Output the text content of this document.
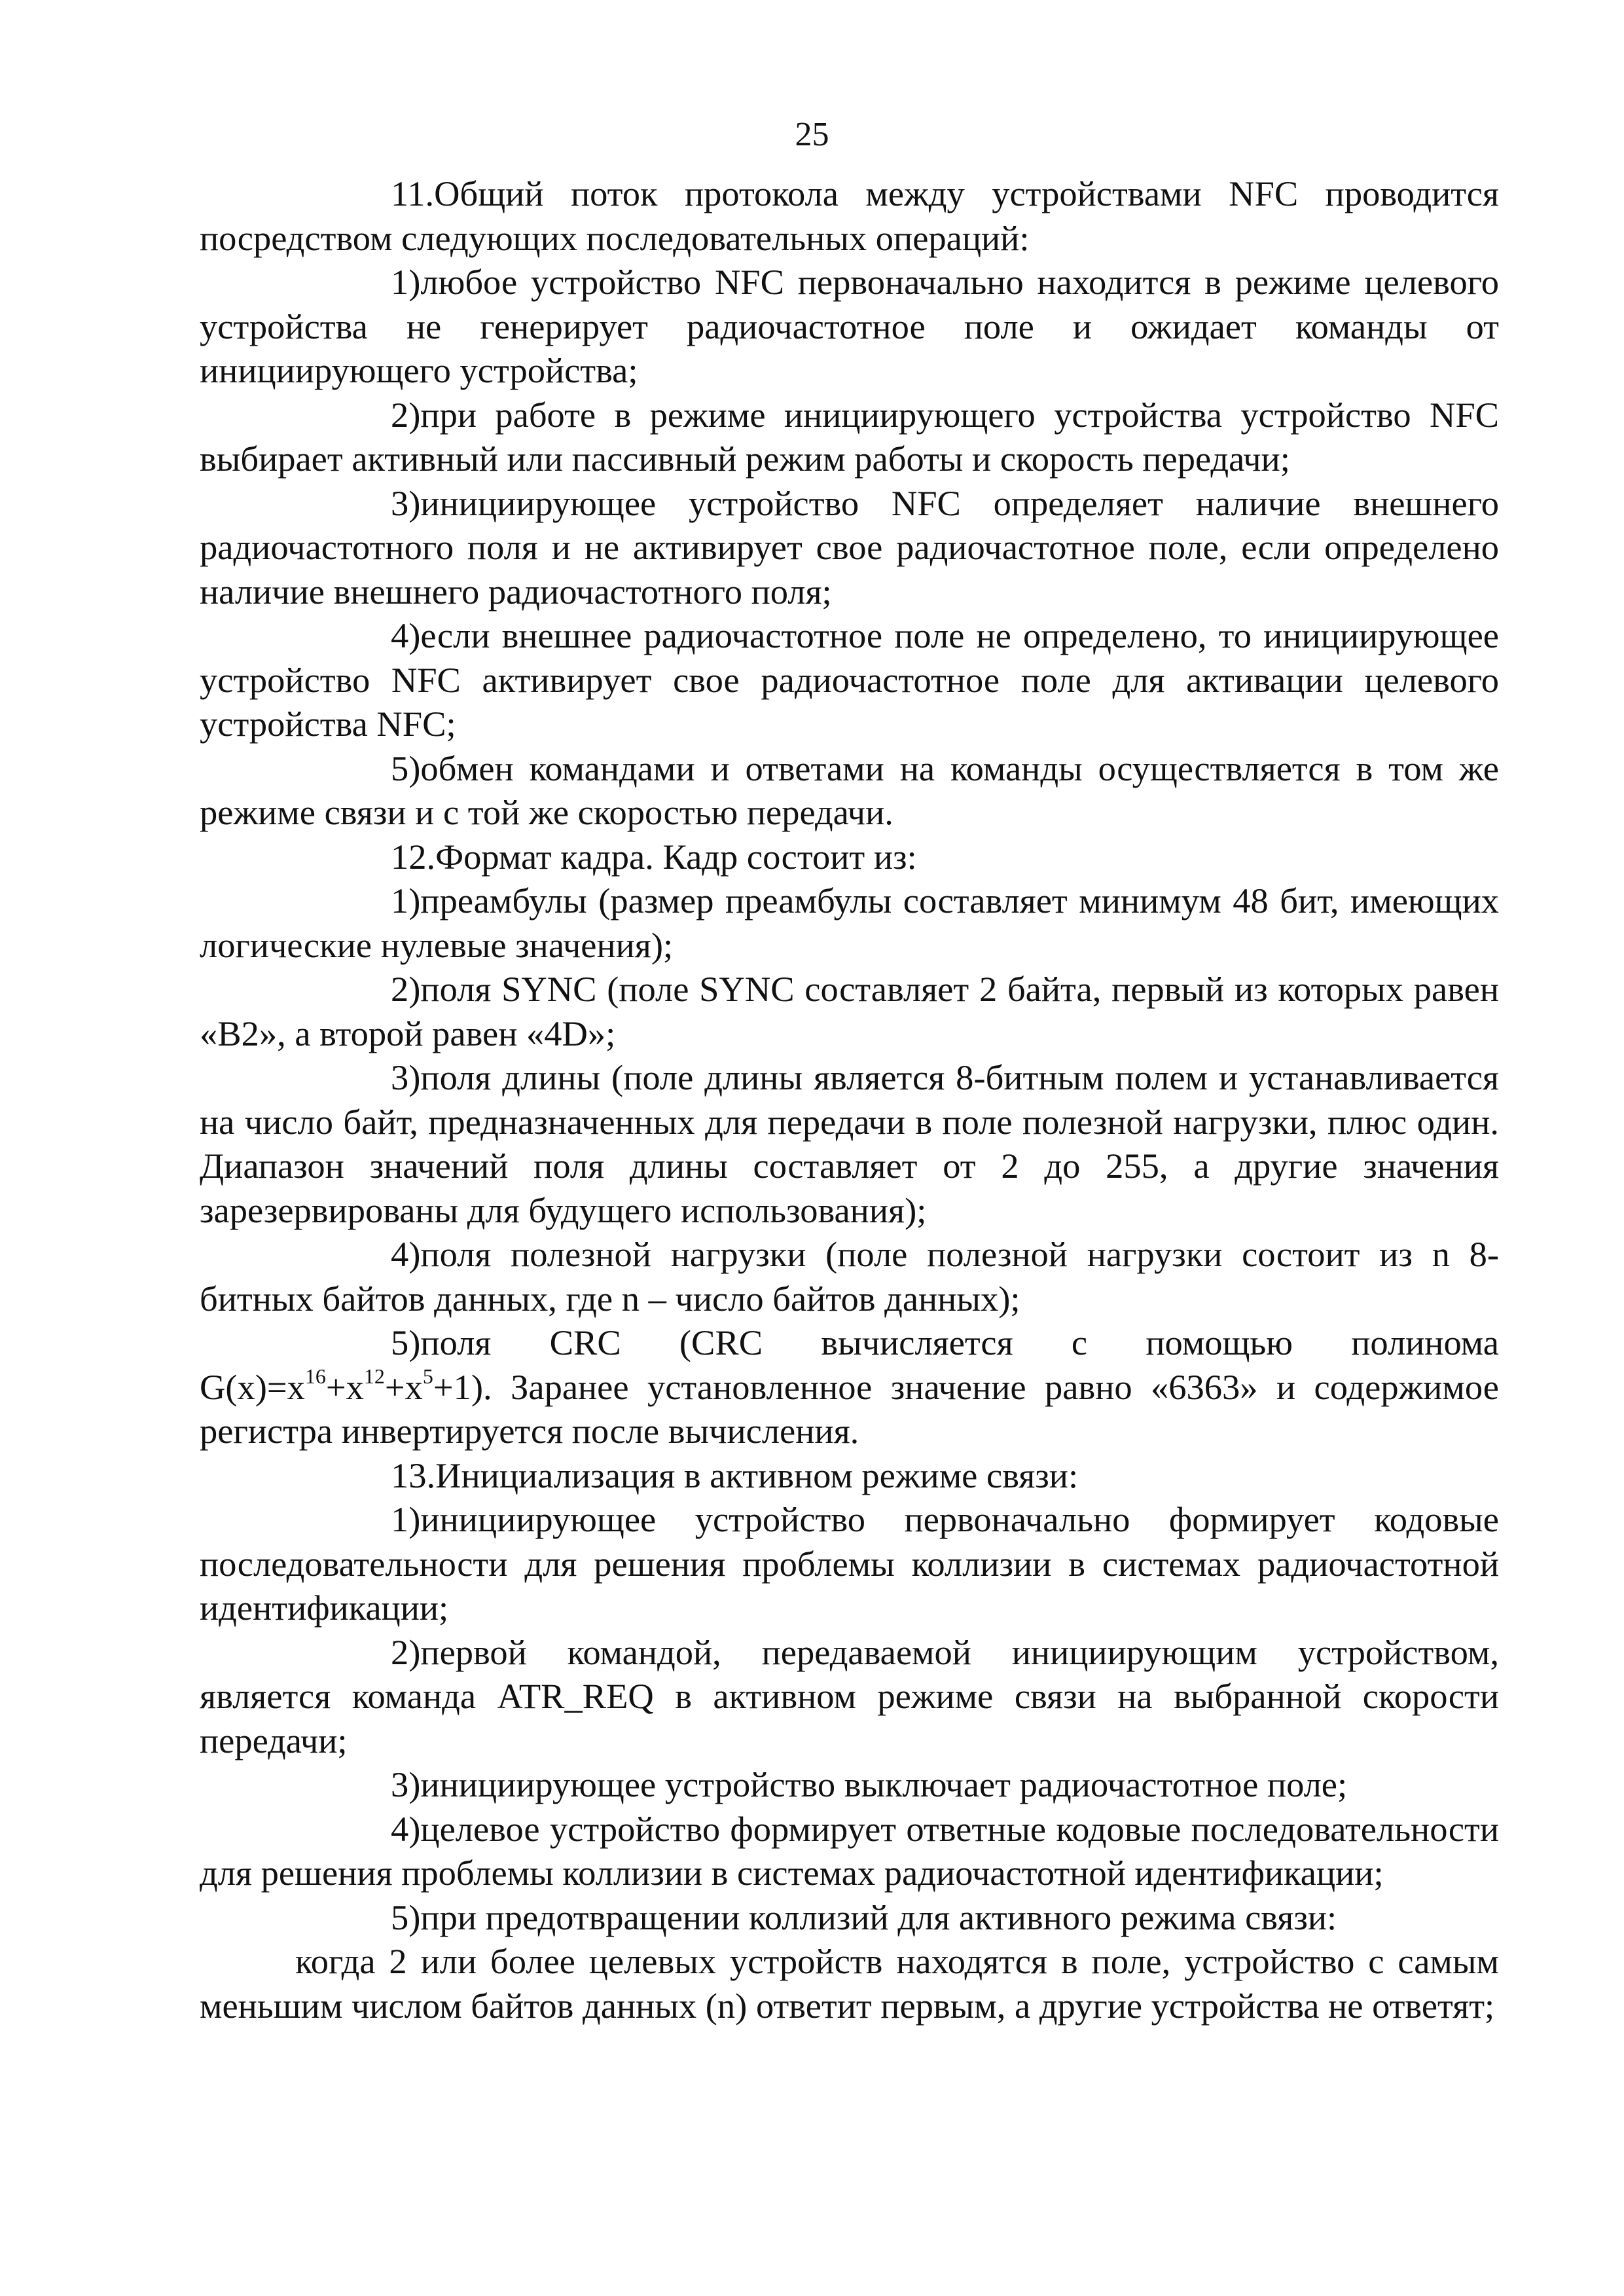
25

11.Общий поток протокола между устройствами NFC проводится посредством следующих последовательных операций:

1)любое устройство NFC первоначально находится в режиме целевого устройства не генерирует радиочастотное поле и ожидает команды от инициирующего устройства;

2)при работе в режиме инициирующего устройства устройство NFC выбирает активный или пассивный режим работы и скорость передачи;

3)инициирующее устройство NFC определяет наличие внешнего радиочастотного поля и не активирует свое радиочастотное поле, если определено наличие внешнего радиочастотного поля;

4)если внешнее радиочастотное поле не определено, то инициирующее устройство NFC активирует свое радиочастотное поле для активации целевого устройства NFC;

5)обмен командами и ответами на команды осуществляется в том же режиме связи и с той же скоростью передачи.

12.Формат кадра. Кадр состоит из:

1)преамбулы (размер преамбулы составляет минимум 48 бит, имеющих логические нулевые значения);

2)поля SYNC (поле SYNC составляет 2 байта, первый из которых равен «B2», а второй равен «4D»;

3)поля длины (поле длины является 8-битным полем и устанавливается на число байт, предназначенных для передачи в поле полезной нагрузки, плюс один. Диапазон значений поля длины составляет от 2 до 255, а другие значения зарезервированы для будущего использования);

4)поля полезной нагрузки (поле полезной нагрузки состоит из n 8-битных байтов данных, где n – число байтов данных);

5)поля CRC (CRC вычисляется с помощью полинома $G(x)=x^{16}+x^{12}+x^5+1$). Заранее установленное значение равно «6363» и содержимое регистра инвертируется после вычисления.

13.Инициализация в активном режиме связи:

1)инициирующее устройство первоначально формирует кодовые последовательности для решения проблемы коллизии в системах радиочастотной идентификации;

2)первой командой, передаваемой инициирующим устройством, является команда ATR_REQ в активном режиме связи на выбранной скорости передачи;

3)инициирующее устройство выключает радиочастотное поле;

4)целевое устройство формирует ответные кодовые последовательности для решения проблемы коллизии в системах радиочастотной идентификации;

5)при предотвращении коллизий для активного режима связи:

когда 2 или более целевых устройств находятся в поле, устройство с самым меньшим числом байтов данных (n) ответит первым, а другие устройства не ответят;
